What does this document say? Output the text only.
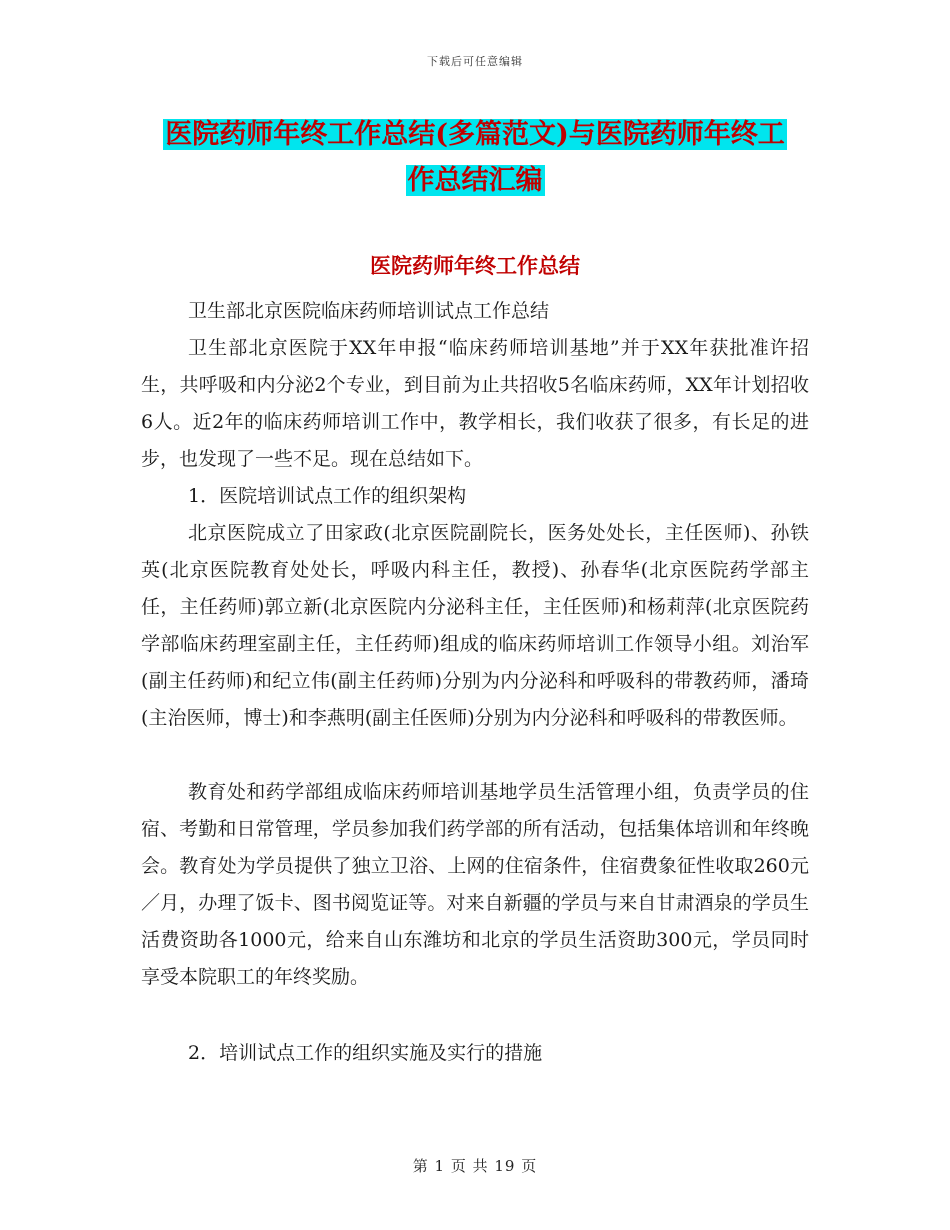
下载后可任意编辑
医院药师年终工作总结(多篇范文)与医院药师年终工
作总结汇编
医院药师年终工作总结
卫生部北京医院临床药师培训试点工作总结
卫生部北京医院于XX年申报“临床药师培训基地”并于XX年获批准许招生，共呼吸和内分泌2个专业，到目前为止共招收5名临床药师，XX年计划招收6人。近2年的临床药师培训工作中，教学相长，我们收获了很多，有长足的进步，也发现了一些不足。现在总结如下。
1．医院培训试点工作的组织架构
北京医院成立了田家政(北京医院副院长，医务处处长，主任医师)、孙铁英(北京医院教育处处长，呼吸内科主任，教授)、孙春华(北京医院药学部主任，主任药师)郭立新(北京医院内分泌科主任，主任医师)和杨莉萍(北京医院药学部临床药理室副主任，主任药师)组成的临床药师培训工作领导小组。刘治军(副主任药师)和纪立伟(副主任药师)分别为内分泌科和呼吸科的带教药师，潘琦(主治医师，博士)和李燕明(副主任医师)分别为内分泌科和呼吸科的带教医师。
教育处和药学部组成临床药师培训基地学员生活管理小组，负责学员的住宿、考勤和日常管理，学员参加我们药学部的所有活动，包括集体培训和年终晚会。教育处为学员提供了独立卫浴、上网的住宿条件，住宿费象征性收取260元／月，办理了饭卡、图书阅览证等。对来自新疆的学员与来自甘肃酒泉的学员生活费资助各1000元，给来自山东潍坊和北京的学员生活资助300元，学员同时享受本院职工的年终奖励。
2．培训试点工作的组织实施及实行的措施
第 1 页 共 19 页
